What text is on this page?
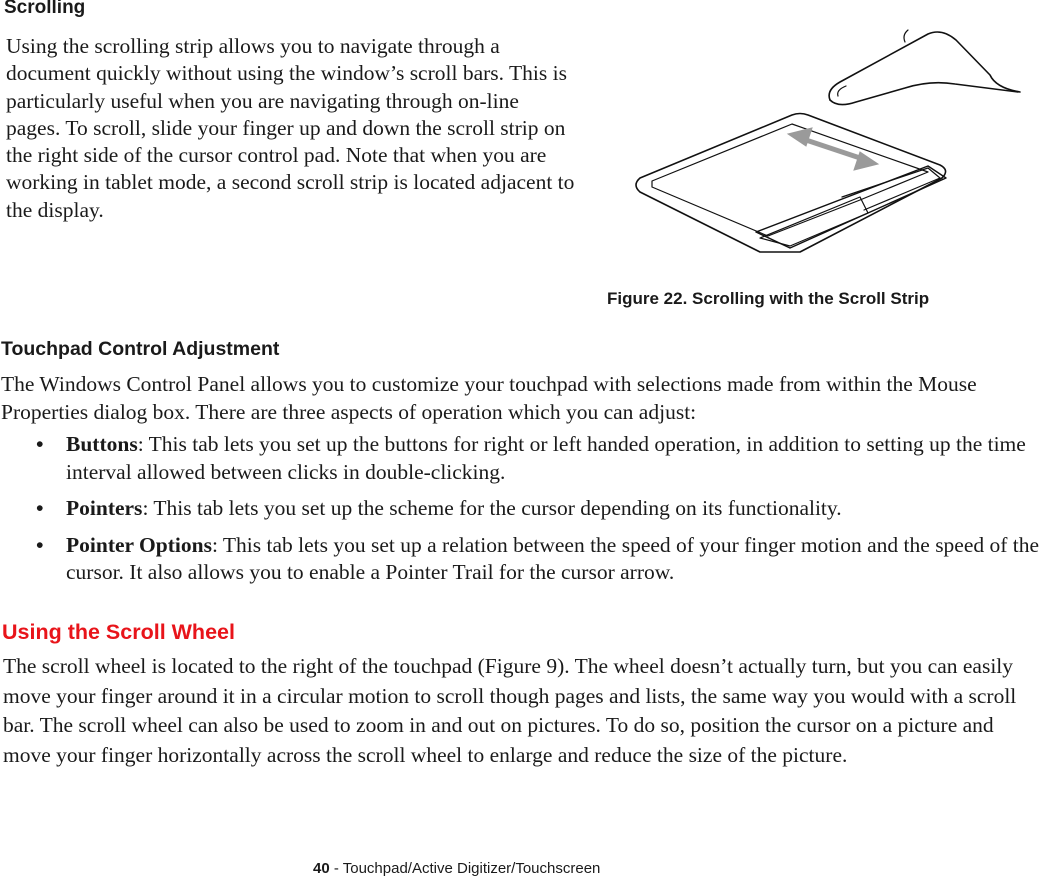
Scrolling

Using the scrolling strip allows you to navigate through a document quickly without using the window’s scroll bars. This is particularly useful when you are navigating through on-line pages. To scroll, slide your finger up and down the scroll strip on the right side of the cursor control pad. Note that when you are working in tablet mode, a second scroll strip is located adjacent to the display.

Figure 22. Scrolling with the Scroll Strip
Touchpad Control Adjustment

The Windows Control Panel allows you to customize your touchpad with selections made from within the Mouse Properties dialog box. There are three aspects of operation which you can adjust:

• Buttons: This tab lets you set up the buttons for right or left handed operation, in addition to setting up the time interval allowed between clicks in double-clicking.
• Pointers: This tab lets you set up the scheme for the cursor depending on its functionality.
• Pointer Options: This tab lets you set up a relation between the speed of your finger motion and the speed of the cursor. It also allows you to enable a Pointer Trail for the cursor arrow.
Using the Scroll Wheel

The scroll wheel is located to the right of the touchpad (Figure 9). The wheel doesn’t actually turn, but you can easily move your finger around it in a circular motion to scroll though pages and lists, the same way you would with a scroll bar. The scroll wheel can also be used to zoom in and out on pictures. To do so, position the cursor on a picture and move your finger horizontally across the scroll wheel to enlarge and reduce the size of the picture.

40 - Touchpad/Active Digitizer/Touchscreen
